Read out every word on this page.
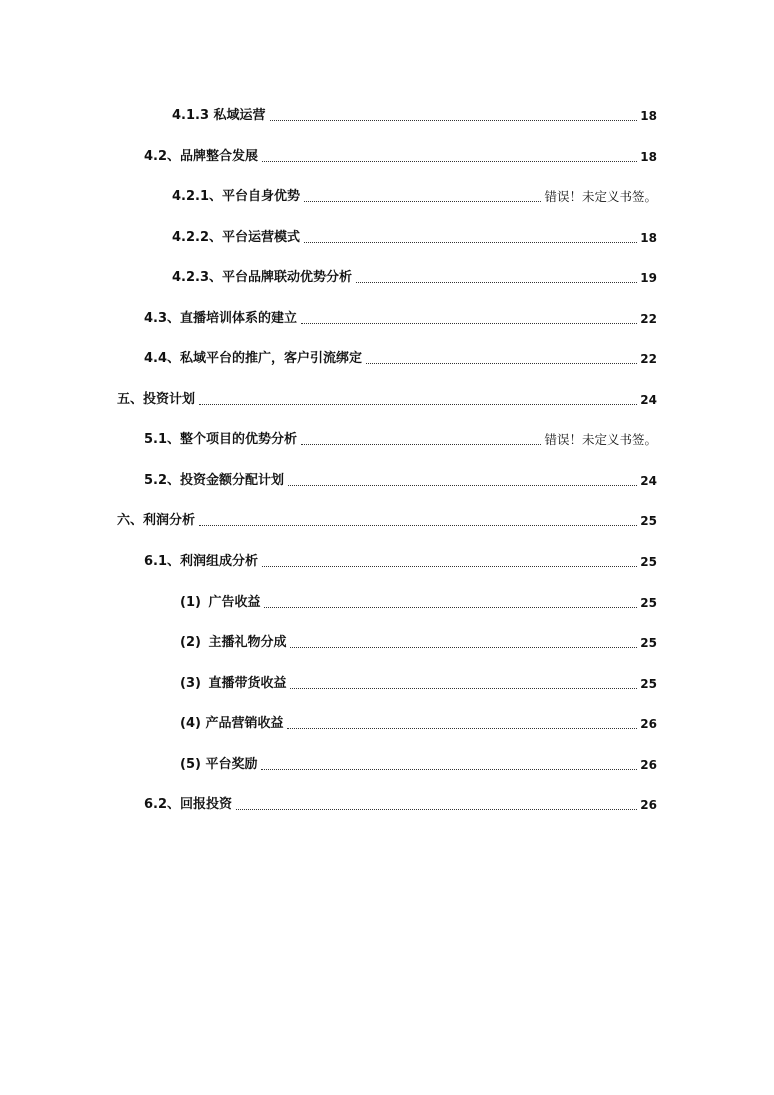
4.1.3 私域运营	18
4.2、品牌整合发展	18
4.2.1、平台自身优势	错误！未定义书签。
4.2.2、平台运营模式	18
4.2.3、平台品牌联动优势分析	19
4.3、直播培训体系的建立	22
4.4、私域平台的推广，客户引流绑定	22
五、投资计划	24
5.1、整个项目的优势分析	错误！未定义书签。
5.2、投资金额分配计划	24
六、利润分析	25
6.1、利润组成分析	25
(1) 广告收益	25
(2) 主播礼物分成	25
(3) 直播带货收益	25
(4) 产品营销收益	26
(5) 平台奖励	26
6.2、回报投资	26
